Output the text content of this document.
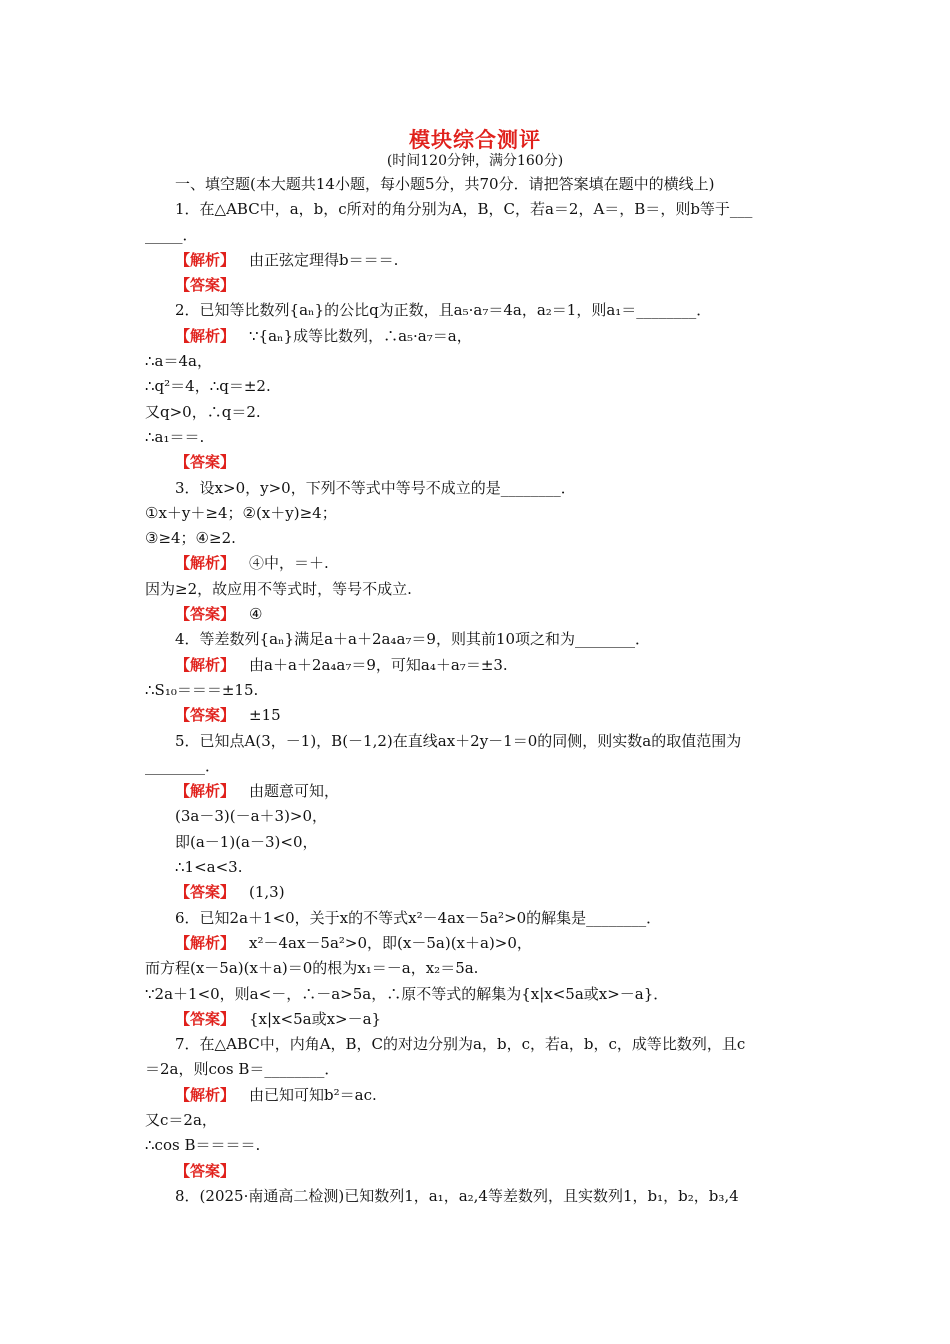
模块综合测评
(时间120分钟，满分160分)
一、填空题(本大题共14小题，每小题5分，共70分．请把答案填在题中的横线上)
1．在△ABC中，a，b，c所对的角分别为A，B，C，若a＝2，A＝，B＝，则b等于___
_____．
【解析】 由正弦定理得b＝＝＝.
【答案】
2．已知等比数列{aₙ}的公比q为正数，且a₅·a₇＝4a，a₂＝1，则a₁＝________．
【解析】 ∵{aₙ}成等比数列，∴a₅·a₇＝a，
∴a＝4a，
∴q²＝4，∴q＝±2.
又q>0，∴q＝2.
∴a₁＝＝.
【答案】
3．设x>0，y>0，下列不等式中等号不成立的是________．
①x＋y＋≥4；②(x＋y)≥4；
③≥4；④≥2.
【解析】 ④中，＝＋.
因为≥2，故应用不等式时，等号不成立.
【答案】 ④
4．等差数列{aₙ}满足a＋a＋2a₄a₇＝9，则其前10项之和为________．
【解析】 由a＋a＋2a₄a₇＝9，可知a₄＋a₇＝±3.
∴S₁₀＝＝＝±15.
【答案】 ±15
5．已知点A(3，－1)，B(－1,2)在直线ax＋2y－1＝0的同侧，则实数a的取值范围为
________．
【解析】 由题意可知，
(3a－3)(－a＋3)>0，
即(a－1)(a－3)<0，
∴1<a<3.
【答案】 (1,3)
6．已知2a＋1<0，关于x的不等式x²－4ax－5a²>0的解集是________．
【解析】 x²－4ax－5a²>0，即(x－5a)(x＋a)>0，
而方程(x－5a)(x＋a)＝0的根为x₁＝－a，x₂＝5a.
∵2a＋1<0，则a<－，∴－a>5a，∴原不等式的解集为{x|x<5a或x>－a}．
【答案】 {x|x<5a或x>－a}
7．在△ABC中，内角A，B，C的对边分别为a，b，c，若a，b，c，成等比数列，且c
＝2a，则cos B＝________．
【解析】 由已知可知b²＝ac.
又c＝2a，
∴cos B＝＝＝＝.
【答案】
8．(2025·南通高二检测)已知数列1，a₁，a₂,4等差数列，且实数列1，b₁，b₂，b₃,4
